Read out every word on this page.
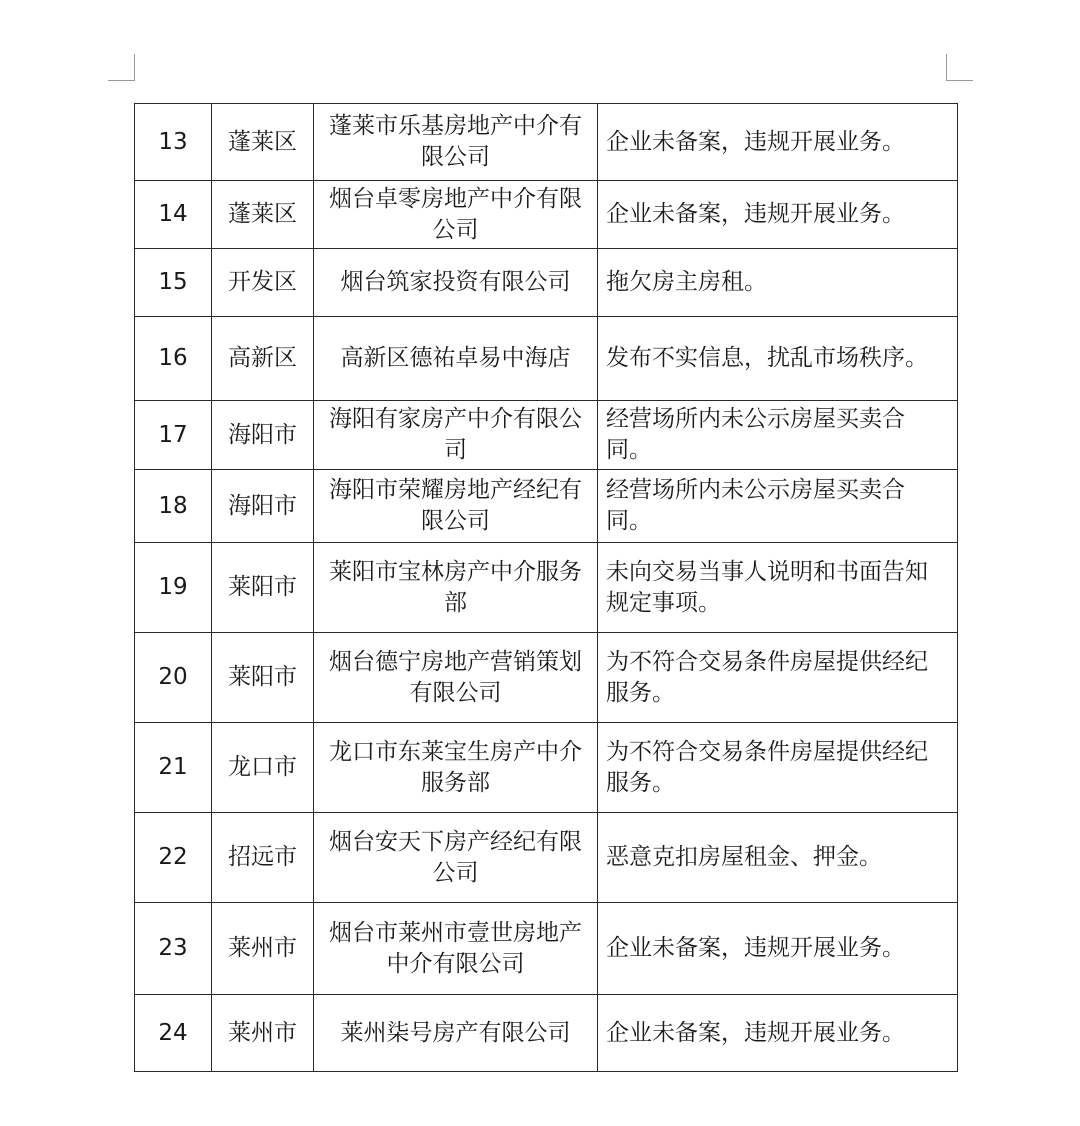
13	蓬莱区	蓬莱市乐基房地产中介有限公司	企业未备案，违规开展业务。
14	蓬莱区	烟台卓零房地产中介有限公司	企业未备案，违规开展业务。
15	开发区	烟台筑家投资有限公司	拖欠房主房租。
16	高新区	高新区德祐卓易中海店	发布不实信息，扰乱市场秩序。
17	海阳市	海阳有家房产中介有限公司	经营场所内未公示房屋买卖合同。
18	海阳市	海阳市荣耀房地产经纪有限公司	经营场所内未公示房屋买卖合同。
19	莱阳市	莱阳市宝林房产中介服务部	未向交易当事人说明和书面告知规定事项。
20	莱阳市	烟台德宁房地产营销策划有限公司	为不符合交易条件房屋提供经纪服务。
21	龙口市	龙口市东莱宝生房产中介服务部	为不符合交易条件房屋提供经纪服务。
22	招远市	烟台安天下房产经纪有限公司	恶意克扣房屋租金、押金。
23	莱州市	烟台市莱州市壹世房地产中介有限公司	企业未备案，违规开展业务。
24	莱州市	莱州柒号房产有限公司	企业未备案，违规开展业务。
